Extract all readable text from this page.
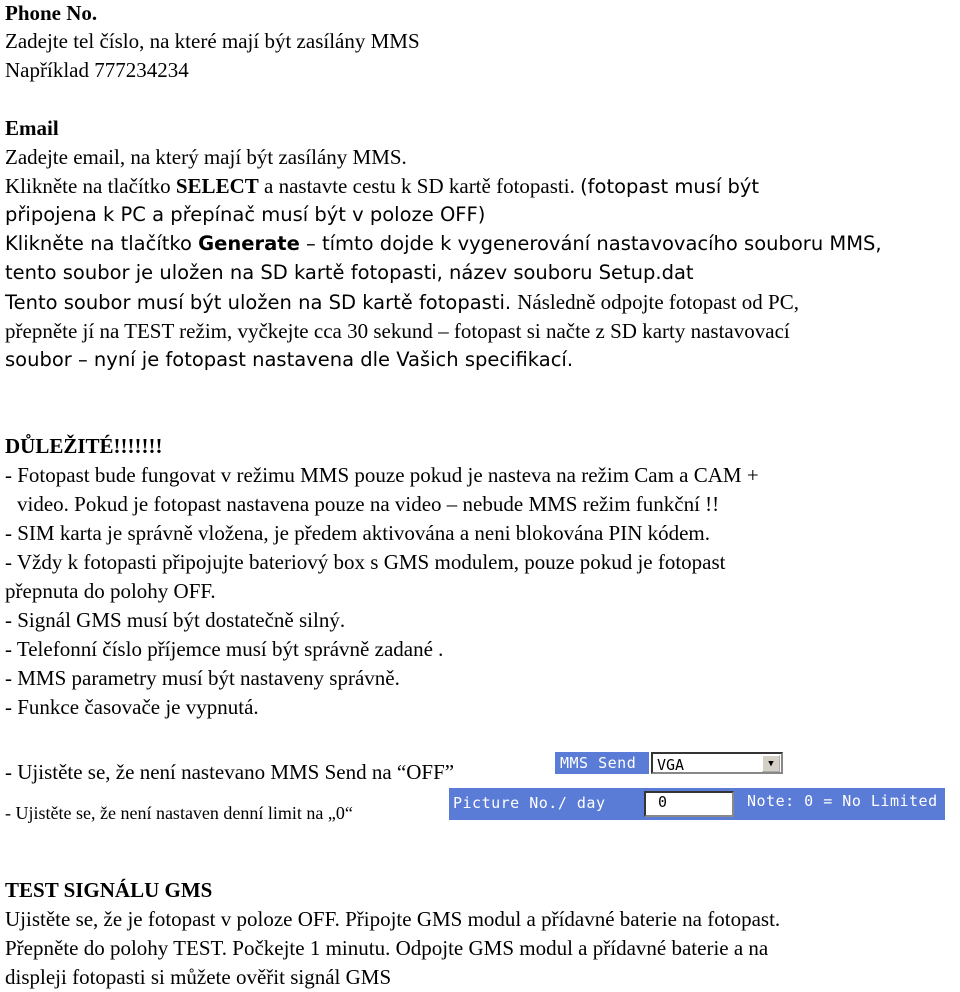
Phone No.
Zadejte tel číslo, na které mají být zasílány MMS
Například 777234234
Email
Zadejte email, na který mají být zasílány MMS.
Klikněte na tlačítko SELECT a nastavte cestu k SD kartě fotopasti. (fotopast musí být
připojena k PC a přepínač musí být v poloze OFF)
Klikněte na tlačítko Generate – tímto dojde k vygenerování nastavovacího souboru MMS,
tento soubor je uložen na SD kartě fotopasti, název souboru Setup.dat
Tento soubor musí být uložen na SD kartě fotopasti. Následně odpojte fotopast od PC,
přepněte jí na TEST režim, vyčkejte cca 30 sekund – fotopast si načte z SD karty nastavovací
soubor – nyní je fotopast nastavena dle Vašich specifikací.
DŮLEŽITÉ!!!!!!!
- Fotopast bude fungovat v režimu MMS pouze pokud je nasteva na režim Cam a CAM +
video. Pokud je fotopast nastavena pouze na video – nebude MMS režim funkční !!
- SIM karta je správně vložena, je předem aktivována a neni blokována PIN kódem.
- Vždy k fotopasti připojujte bateriový box s GMS modulem, pouze pokud je fotopast
přepnuta do polohy OFF.
- Signál GMS musí být dostatečně silný.
- Telefonní číslo příjemce musí být správně zadané .
- MMS parametry musí být nastaveny správně.
- Funkce časovače je vypnutá.
- Ujistěte se, že není nastevano MMS Send na “OFF”
- Ujistěte se, že není nastaven denní limit na „0“
MMS Send	VGA	▼
Picture No./ day	0	Note: 0 = No Limited
TEST SIGNÁLU GMS
Ujistěte se, že je fotopast v poloze OFF. Připojte GMS modul a přídavné baterie na fotopast.
Přepněte do polohy TEST. Počkejte 1 minutu. Odpojte GMS modul a přídavné baterie a na
displeji fotopasti si můžete ověřit signál GMS
